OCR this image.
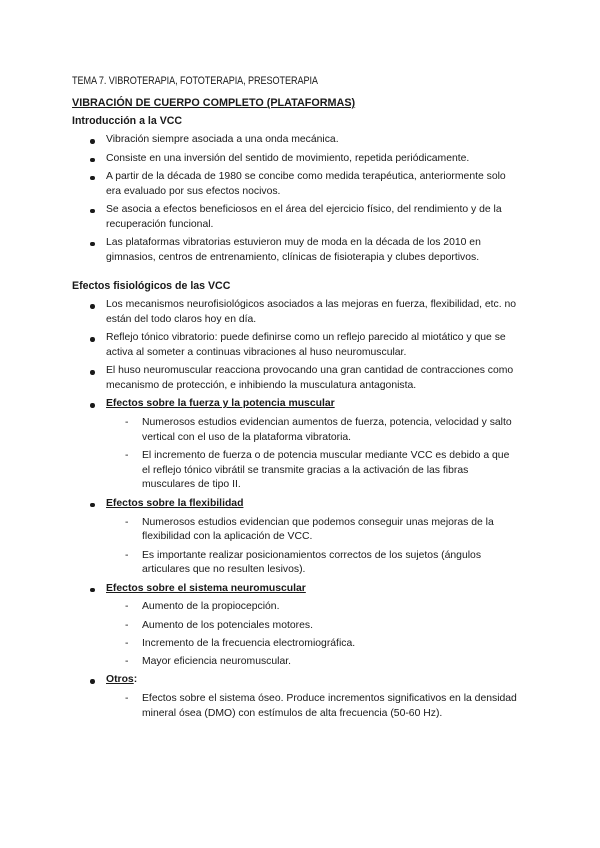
TEMA 7. VIBROTERAPIA, FOTOTERAPIA, PRESOTERAPIA
VIBRACIÓN DE CUERPO COMPLETO (PLATAFORMAS)
Introducción a la VCC
Vibración siempre asociada a una onda mecánica.
Consiste en una inversión del sentido de movimiento, repetida periódicamente.
A partir de la década de 1980 se concibe como medida terapéutica, anteriormente solo era evaluado por sus efectos nocivos.
Se asocia a efectos beneficiosos en el área del ejercicio físico, del rendimiento y de la recuperación funcional.
Las plataformas vibratorias estuvieron muy de moda en la década de los 2010 en gimnasios, centros de entrenamiento, clínicas de fisioterapia y clubes deportivos.
Efectos fisiológicos de las VCC
Los mecanismos neurofisiológicos asociados a las mejoras en fuerza, flexibilidad, etc. no están del todo claros hoy en día.
Reflejo tónico vibratorio: puede definirse como un reflejo parecido al miotático y que se activa al someter a continuas vibraciones al huso neuromuscular.
El huso neuromuscular reacciona provocando una gran cantidad de contracciones como mecanismo de protección, e inhibiendo la musculatura antagonista.
Efectos sobre la fuerza y la potencia muscular
- Numerosos estudios evidencian aumentos de fuerza, potencia, velocidad y salto vertical con el uso de la plataforma vibratoria.
- El incremento de fuerza o de potencia muscular mediante VCC es debido a que el reflejo tónico vibrátil se transmite gracias a la activación de las fibras musculares de tipo II.
Efectos sobre la flexibilidad
- Numerosos estudios evidencian que podemos conseguir unas mejoras de la flexibilidad con la aplicación de VCC.
- Es importante realizar posicionamientos correctos de los sujetos (ángulos articulares que no resulten lesivos).
Efectos sobre el sistema neuromuscular
- Aumento de la propiocepción.
- Aumento de los potenciales motores.
- Incremento de la frecuencia electromiográfica.
- Mayor eficiencia neuromuscular.
Otros:
- Efectos sobre el sistema óseo. Produce incrementos significativos en la densidad mineral ósea (DMO) con estímulos de alta frecuencia (50-60 Hz).
